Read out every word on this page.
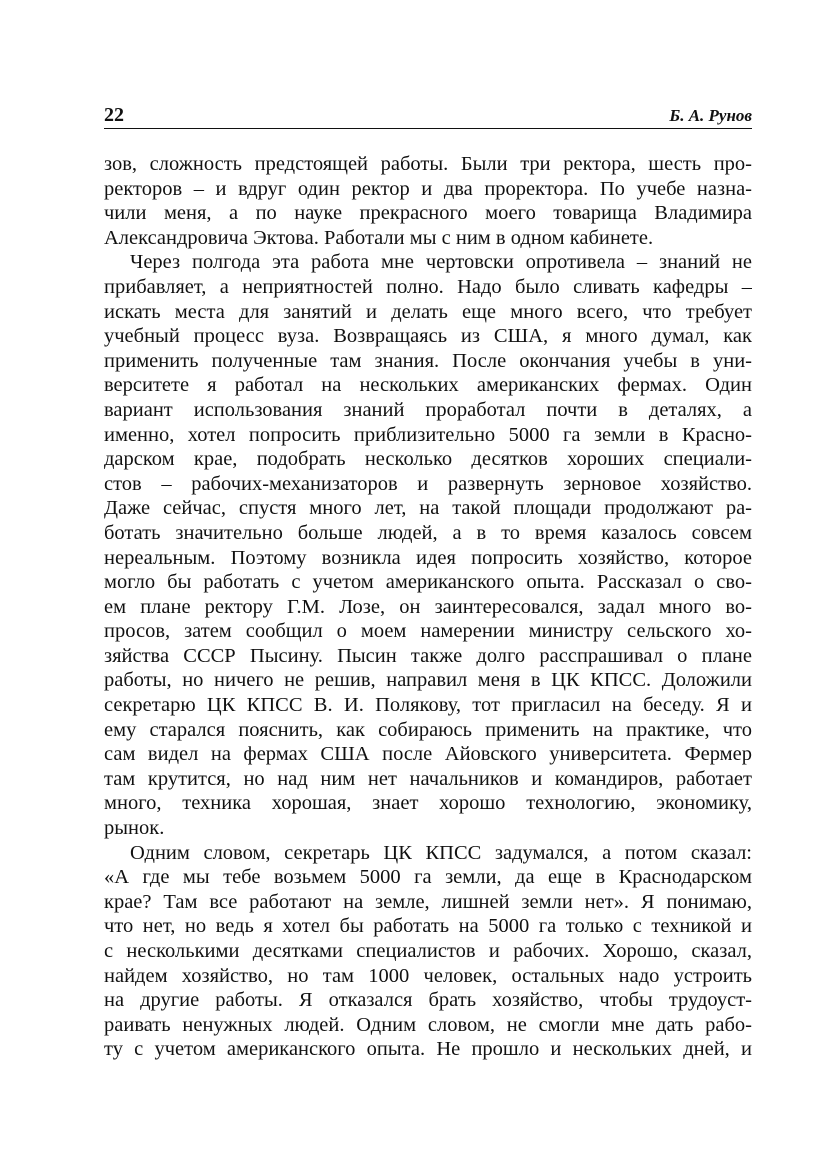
22	Б. А. Рунов
зов, сложность предстоящей работы. Были три ректора, шесть про-
ректоров – и вдруг один ректор и два проректора. По учебе назна-
чили меня, а по науке прекрасного моего товарища Владимира
Александровича Эктова. Работали мы с ним в одном кабинете.
Через полгода эта работа мне чертовски опротивела – знаний не
прибавляет, а неприятностей полно. Надо было сливать кафедры –
искать места для занятий и делать еще много всего, что требует
учебный процесс вуза. Возвращаясь из США, я много думал, как
применить полученные там знания. После окончания учебы в уни-
верситете я работал на нескольких американских фермах. Один
вариант использования знаний проработал почти в деталях, а
именно, хотел попросить приблизительно 5000 га земли в Красно-
дарском крае, подобрать несколько десятков хороших специали-
стов – рабочих-механизаторов и развернуть зерновое хозяйство.
Даже сейчас, спустя много лет, на такой площади продолжают ра-
ботать значительно больше людей, а в то время казалось совсем
нереальным. Поэтому возникла идея попросить хозяйство, которое
могло бы работать с учетом американского опыта. Рассказал о сво-
ем плане ректору Г.М. Лозе, он заинтересовался, задал много во-
просов, затем сообщил о моем намерении министру сельского хо-
зяйства СССР Пысину. Пысин также долго расспрашивал о плане
работы, но ничего не решив, направил меня в ЦК КПСС. Доложили
секретарю ЦК КПСС В. И. Полякову, тот пригласил на беседу. Я и
ему старался пояснить, как собираюсь применить на практике, что
сам видел на фермах США после Айовского университета. Фермер
там крутится, но над ним нет начальников и командиров, работает
много, техника хорошая, знает хорошо технологию, экономику,
рынок.
Одним словом, секретарь ЦК КПСС задумался, а потом сказал:
«А где мы тебе возьмем 5000 га земли, да еще в Краснодарском
крае? Там все работают на земле, лишней земли нет». Я понимаю,
что нет, но ведь я хотел бы работать на 5000 га только с техникой и
с несколькими десятками специалистов и рабочих. Хорошо, сказал,
найдем хозяйство, но там 1000 человек, остальных надо устроить
на другие работы. Я отказался брать хозяйство, чтобы трудоуст-
раивать ненужных людей. Одним словом, не смогли мне дать рабо-
ту с учетом американского опыта. Не прошло и нескольких дней, и
